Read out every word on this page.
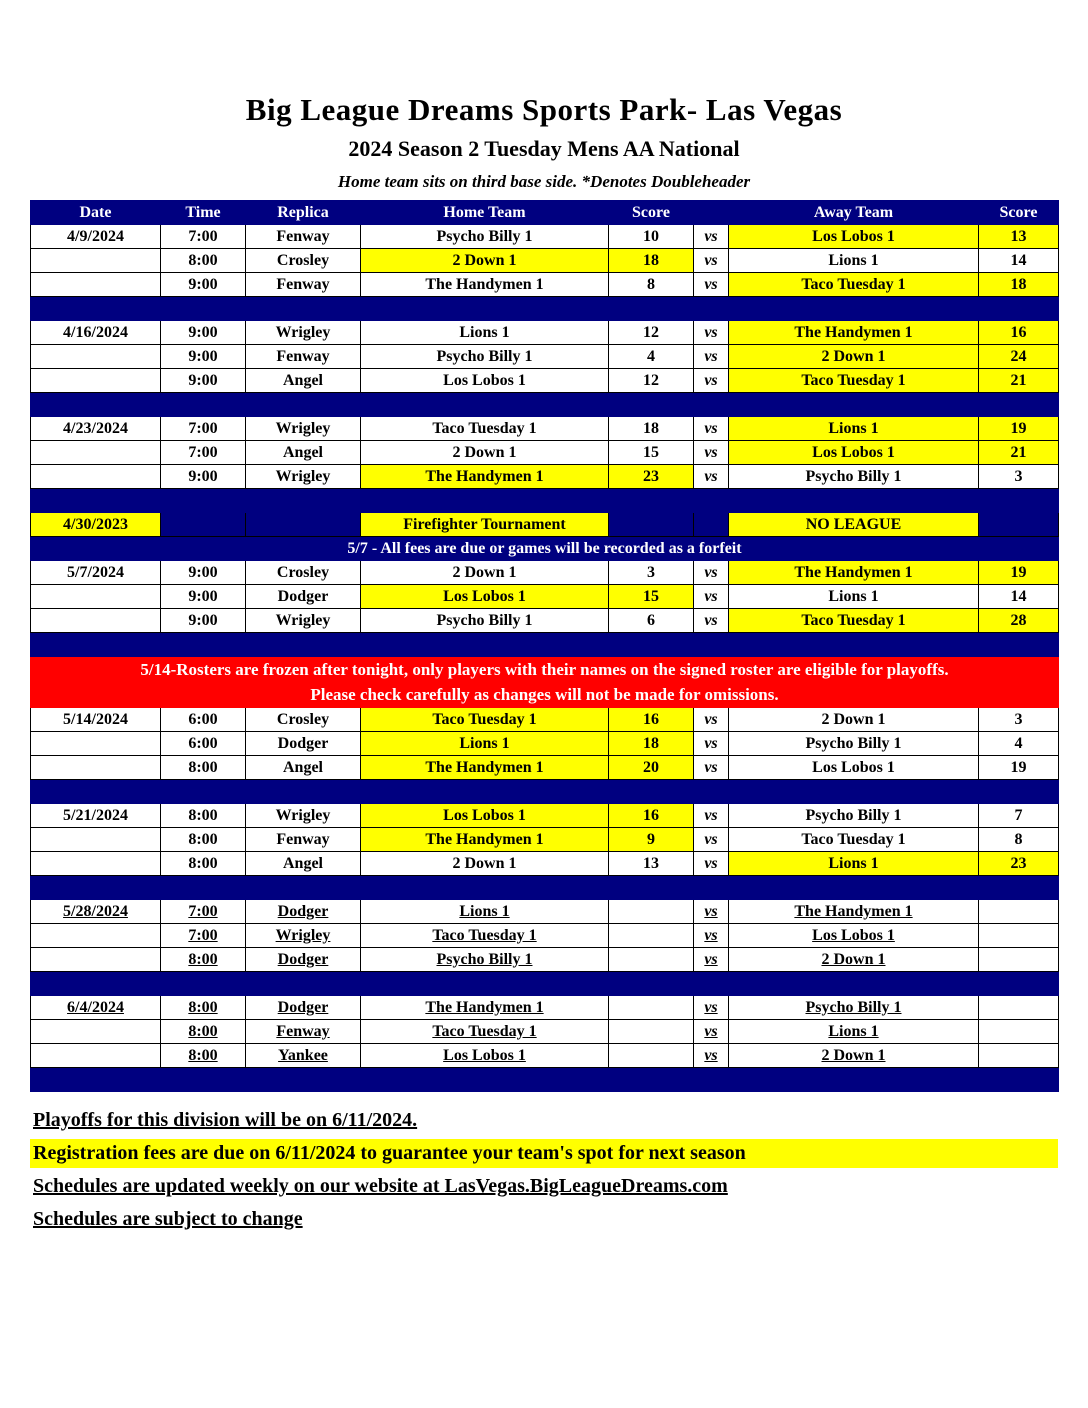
Big League Dreams Sports Park- Las Vegas
2024 Season 2 Tuesday Mens AA National
Home team sits on third base side. *Denotes Doubleheader
Date	Time	Replica	Home Team	Score		Away Team	Score
4/9/2024	7:00	Fenway	Psycho Billy 1	10	vs	Los Lobos 1	13
	8:00	Crosley	2 Down 1	18	vs	Lions 1	14
	9:00	Fenway	The Handymen 1	8	vs	Taco Tuesday 1	18

4/16/2024	9:00	Wrigley	Lions 1	12	vs	The Handymen 1	16
	9:00	Fenway	Psycho Billy 1	4	vs	2 Down 1	24
	9:00	Angel	Los Lobos 1	12	vs	Taco Tuesday 1	21

4/23/2024	7:00	Wrigley	Taco Tuesday 1	18	vs	Lions 1	19
	7:00	Angel	2 Down 1	15	vs	Los Lobos 1	21
	9:00	Wrigley	The Handymen 1	23	vs	Psycho Billy 1	3

4/30/2023			Firefighter Tournament			NO LEAGUE	

5/7 - All fees are due or games will be recorded as a forfeit							

5/7/2024	9:00	Crosley	2 Down 1	3	vs	The Handymen 1	19
	9:00	Dodger	Los Lobos 1	15	vs	Lions 1	14
	9:00	Wrigley	Psycho Billy 1	6	vs	Taco Tuesday 1	28

5/14-Rosters are frozen after tonight, only players with their names on the signed roster are eligible for playoffs.
Please check carefully as changes will not be made for omissions.							

5/14/2024	6:00	Crosley	Taco Tuesday 1	16	vs	2 Down 1	3
	6:00	Dodger	Lions 1	18	vs	Psycho Billy 1	4
	8:00	Angel	The Handymen 1	20	vs	Los Lobos 1	19

5/21/2024	8:00	Wrigley	Los Lobos 1	16	vs	Psycho Billy 1	7
	8:00	Fenway	The Handymen 1	9	vs	Taco Tuesday 1	8
	8:00	Angel	2 Down 1	13	vs	Lions 1	23

5/28/2024	7:00	Dodger	Lions 1		vs	The Handymen 1	
	7:00	Wrigley	Taco Tuesday 1		vs	Los Lobos 1	
	8:00	Dodger	Psycho Billy 1		vs	2 Down 1	

6/4/2024	8:00	Dodger	The Handymen 1		vs	Psycho Billy 1	
	8:00	Fenway	Taco Tuesday 1		vs	Lions 1	
	8:00	Yankee	Los Lobos 1		vs	2 Down 1	

Playoffs for this division will be on 6/11/2024.
Registration fees are due on 6/11/2024 to guarantee your team's spot for next season
Schedules are updated weekly on our website at LasVegas.BigLeagueDreams.com
Schedules are subject to change
